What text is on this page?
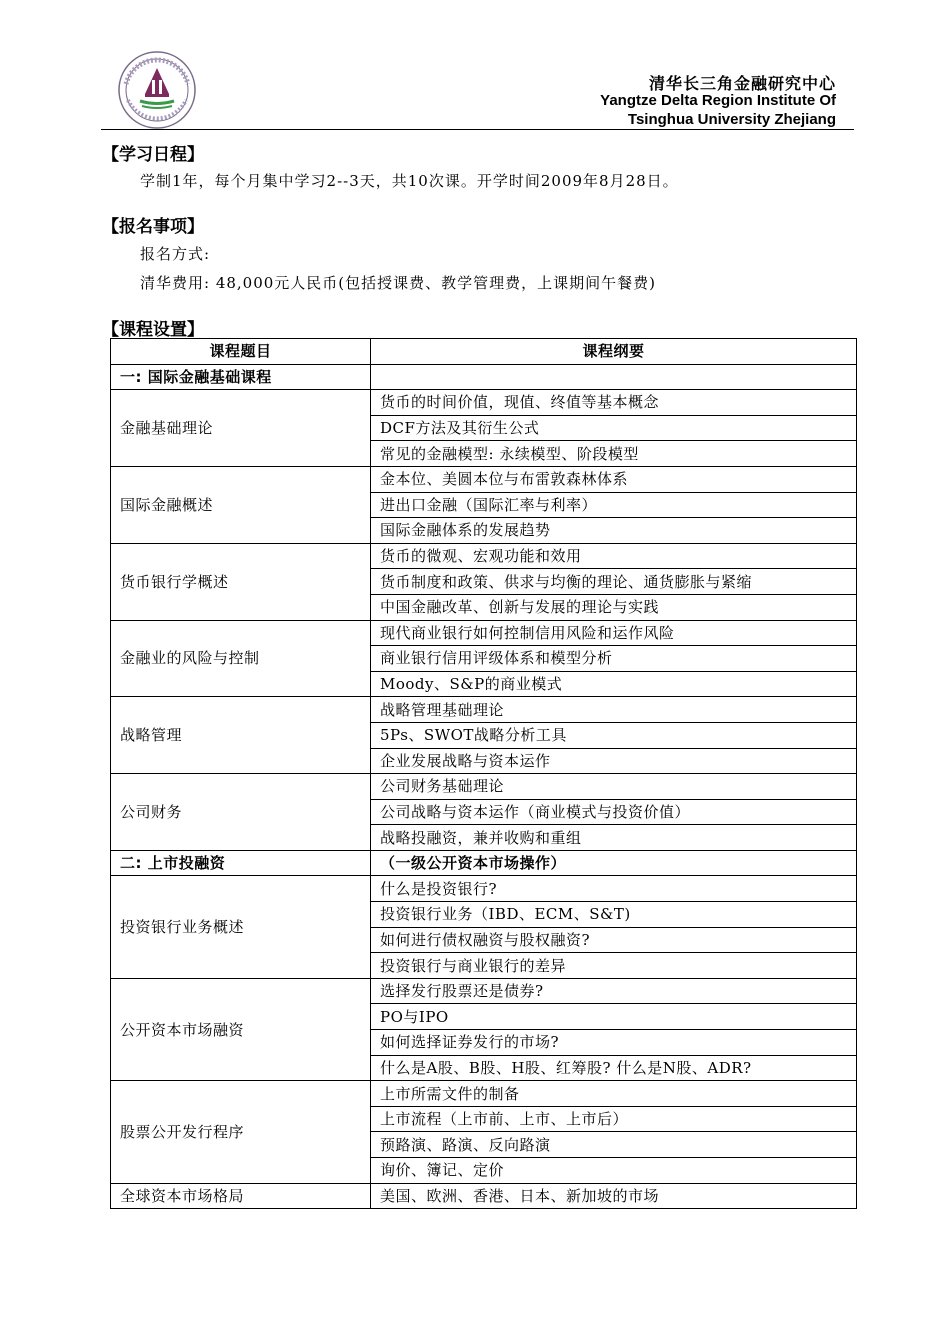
清华长三角金融研究中心
Yangtze Delta Region Institute Of
Tsinghua University Zhejiang
【学习日程】
学制1年，每个月集中学习2--3天，共10次课。开学时间2009年8月28日。
【报名事项】
报名方式:
清华费用: 48,000元人民币(包括授课费、教学管理费，上课期间午餐费)
【课程设置】
课程题目	课程纲要
一: 国际金融基础课程	
金融基础理论	货币的时间价值，现值、终值等基本概念
	DCF方法及其衍生公式
	常见的金融模型: 永续模型、阶段模型
国际金融概述	金本位、美圆本位与布雷敦森林体系
	进出口金融（国际汇率与利率）
	国际金融体系的发展趋势
货币银行学概述	货币的微观、宏观功能和效用
	货币制度和政策、供求与均衡的理论、通货膨胀与紧缩
	中国金融改革、创新与发展的理论与实践
金融业的风险与控制	现代商业银行如何控制信用风险和运作风险
	商业银行信用评级体系和模型分析
	Moody、S&P的商业模式
战略管理	战略管理基础理论
	5Ps、SWOT战略分析工具
	企业发展战略与资本运作
公司财务	公司财务基础理论
	公司战略与资本运作（商业模式与投资价值）
	战略投融资，兼并收购和重组
二: 上市投融资	（一级公开资本市场操作）
投资银行业务概述	什么是投资银行?
	投资银行业务（IBD、ECM、S&T)
	如何进行债权融资与股权融资?
	投资银行与商业银行的差异
公开资本市场融资	选择发行股票还是债券?
	PO与IPO
	如何选择证券发行的市场?
	什么是A股、B股、H股、红筹股? 什么是N股、ADR?
股票公开发行程序	上市所需文件的制备
	上市流程（上市前、上市、上市后）
	预路演、路演、反向路演
	询价、簿记、定价
全球资本市场格局	美国、欧洲、香港、日本、新加坡的市场
